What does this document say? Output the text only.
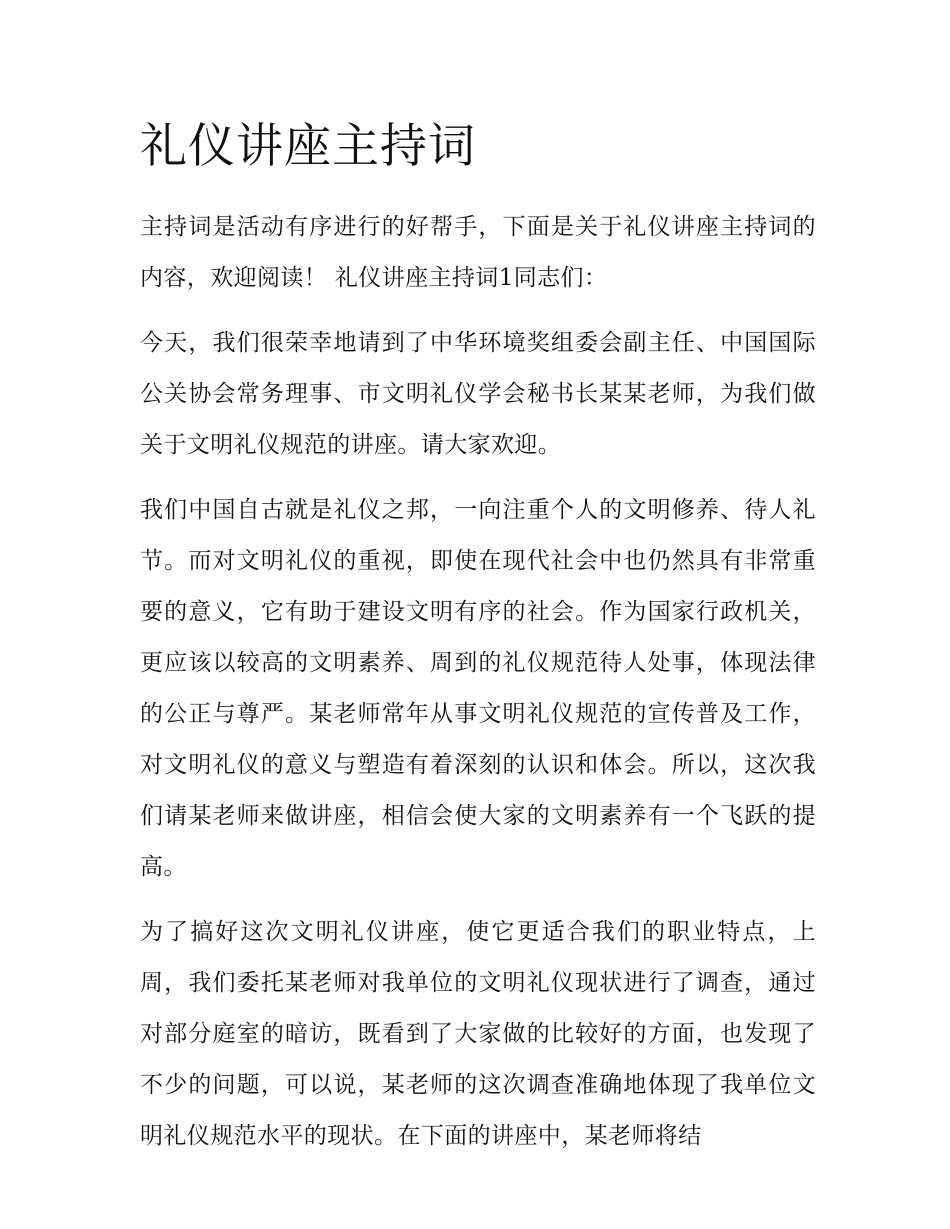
礼仪讲座主持词

主持词是活动有序进行的好帮手，下面是关于礼仪讲座主持词的内容，欢迎阅读！ 礼仪讲座主持词1同志们：

今天，我们很荣幸地请到了中华环境奖组委会副主任、中国国际公关协会常务理事、市文明礼仪学会秘书长某某老师，为我们做关于文明礼仪规范的讲座。请大家欢迎。

我们中国自古就是礼仪之邦，一向注重个人的文明修养、待人礼节。而对文明礼仪的重视，即使在现代社会中也仍然具有非常重要的意义，它有助于建设文明有序的社会。作为国家行政机关，更应该以较高的文明素养、周到的礼仪规范待人处事，体现法律的公正与尊严。某老师常年从事文明礼仪规范的宣传普及工作，对文明礼仪的意义与塑造有着深刻的认识和体会。所以，这次我们请某老师来做讲座，相信会使大家的文明素养有一个飞跃的提高。

为了搞好这次文明礼仪讲座，使它更适合我们的职业特点，上周，我们委托某老师对我单位的文明礼仪现状进行了调查，通过对部分庭室的暗访，既看到了大家做的比较好的方面，也发现了不少的问题，可以说，某老师的这次调查准确地体现了我单位文明礼仪规范水平的现状。在下面的讲座中，某老师将结
